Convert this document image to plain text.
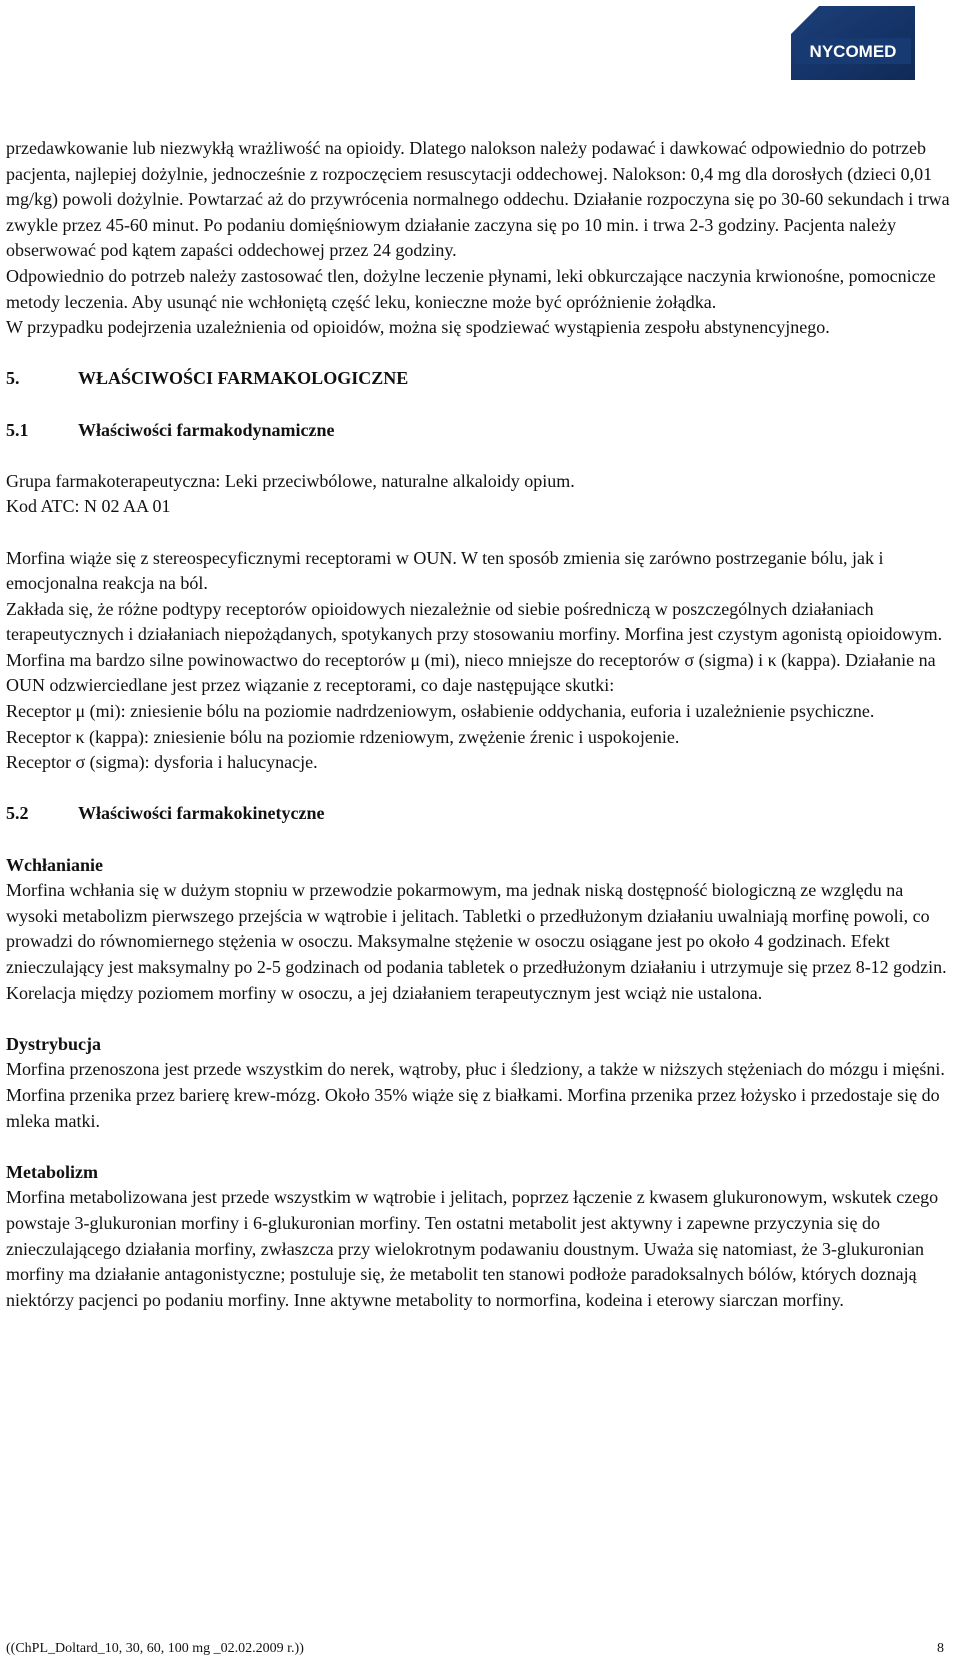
NYCOMED

przedawkowanie lub niezwykłą wrażliwość na opioidy. Dlatego nalokson należy podawać i dawkować odpowiednio do potrzeb pacjenta, najlepiej dożylnie, jednocześnie z rozpoczęciem resuscytacji oddechowej. Nalokson: 0,4 mg dla dorosłych (dzieci 0,01 mg/kg) powoli dożylnie. Powtarzać aż do przywrócenia normalnego oddechu. Działanie rozpoczyna się po 30-60 sekundach i trwa zwykle przez 45-60 minut. Po podaniu domięśniowym działanie zaczyna się po 10 min. i trwa 2-3 godziny. Pacjenta należy obserwować pod kątem zapaści oddechowej przez 24 godziny.

Odpowiednio do potrzeb należy zastosować tlen, dożylne leczenie płynami, leki obkurczające naczynia krwionośne, pomocnicze metody leczenia. Aby usunąć nie wchłoniętą część leku, konieczne może być opróżnienie żołądka.

W przypadku podejrzenia uzależnienia od opioidów, można się spodziewać wystąpienia zespołu abstynencyjnego.

5.	WŁAŚCIWOŚCI FARMAKOLOGICZNE
5.1	Właściwości farmakodynamiczne

Grupa farmakoterapeutyczna: Leki przeciwbólowe, naturalne alkaloidy opium.

Kod ATC: N 02 AA 01

Morfina wiąże się z stereospecyficznymi receptorami w OUN. W ten sposób zmienia się zarówno postrzeganie bólu, jak i emocjonalna reakcja na ból.

Zakłada się, że różne podtypy receptorów opioidowych niezależnie od siebie pośredniczą w poszczególnych działaniach terapeutycznych i działaniach niepożądanych, spotykanych przy stosowaniu morfiny. Morfina jest czystym agonistą opioidowym. Morfina ma bardzo silne powinowactwo do receptorów μ (mi), nieco mniejsze do receptorów σ (sigma) i κ (kappa). Działanie na OUN odzwierciedlane jest przez wiązanie z receptorami, co daje następujące skutki:

Receptor μ (mi): zniesienie bólu na poziomie nadrdzeniowym, osłabienie oddychania, euforia i uzależnienie psychiczne.

Receptor κ (kappa): zniesienie bólu na poziomie rdzeniowym, zwężenie źrenic i uspokojenie.

Receptor σ (sigma): dysforia i halucynacje.

5.2	Właściwości farmakokinetyczne

Wchłanianie

Morfina wchłania się w dużym stopniu w przewodzie pokarmowym, ma jednak niską dostępność biologiczną ze względu na wysoki metabolizm pierwszego przejścia w wątrobie i jelitach. Tabletki o przedłużonym działaniu uwalniają morfinę powoli, co prowadzi do równomiernego stężenia w osoczu. Maksymalne stężenie w osoczu osiągane jest po około 4 godzinach. Efekt znieczulający jest maksymalny po 2-5 godzinach od podania tabletek o przedłużonym działaniu i utrzymuje się przez 8-12 godzin. Korelacja między poziomem morfiny w osoczu, a jej działaniem terapeutycznym jest wciąż nie ustalona.

Dystrybucja

Morfina przenoszona jest przede wszystkim do nerek, wątroby, płuc i śledziony, a także w niższych stężeniach do mózgu i mięśni. Morfina przenika przez barierę krew-mózg. Około 35% wiąże się z białkami. Morfina przenika przez łożysko i przedostaje się do mleka matki.

Metabolizm

Morfina metabolizowana jest przede wszystkim w wątrobie i jelitach, poprzez łączenie z kwasem glukuronowym, wskutek czego powstaje 3-glukuronian morfiny i 6-glukuronian morfiny. Ten ostatni metabolit jest aktywny i zapewne przyczynia się do znieczulającego działania morfiny, zwłaszcza przy wielokrotnym podawaniu doustnym. Uważa się natomiast, że 3-glukuronian morfiny ma działanie antagonistyczne; postuluje się, że metabolit ten stanowi podłoże paradoksalnych bólów, których doznają niektórzy pacjenci po podaniu morfiny. Inne aktywne metabolity to normorfina, kodeina i eterowy siarczan morfiny.

((ChPL_Doltard_10, 30, 60, 100 mg _02.02.2009 r.))	8
